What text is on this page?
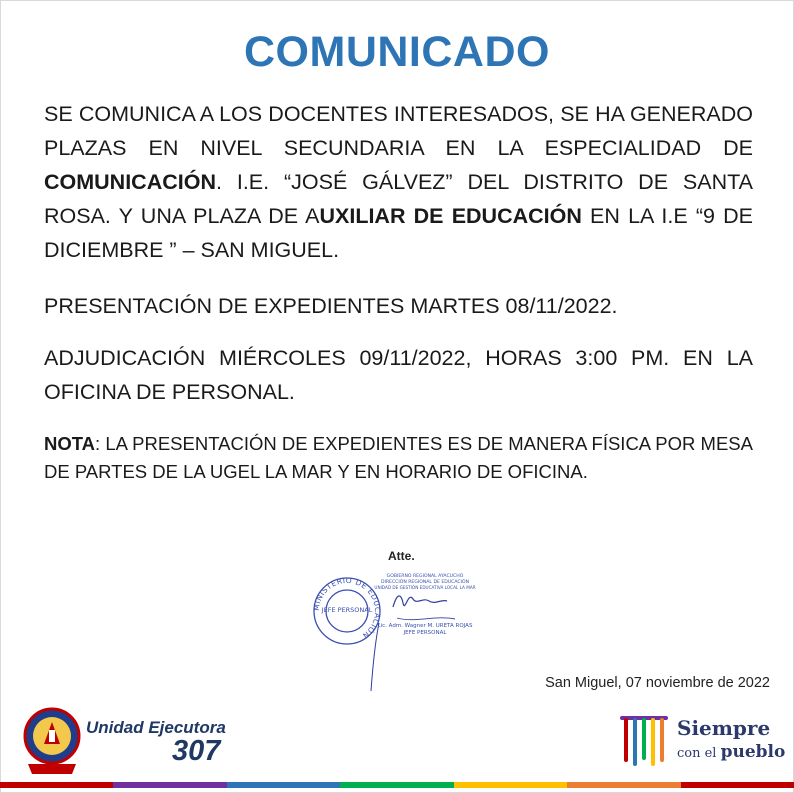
COMUNICADO
SE COMUNICA A LOS DOCENTES INTERESADOS, SE HA GENERADO PLAZAS EN NIVEL SECUNDARIA EN LA ESPECIALIDAD DE COMUNICACIÓN. I.E. “JOSÉ GÁLVEZ” DEL DISTRITO DE SANTA ROSA. Y UNA PLAZA DE AUXILIAR DE EDUCACIÓN EN LA I.E “9 DE DICIEMBRE ” – SAN MIGUEL.
PRESENTACIÓN DE EXPEDIENTES MARTES 08/11/2022.
ADJUDICACIÓN MIÉRCOLES 09/11/2022, HORAS 3:00 PM. EN LA OFICINA DE PERSONAL.
NOTA: LA PRESENTACIÓN DE EXPEDIENTES ES DE MANERA FÍSICA POR MESA DE PARTES DE LA UGEL LA MAR Y EN HORARIO DE OFICINA.
Atte.
MINISTERIO DE EDUCACIÓN
JEFE PERSONAL
GOBIERNO REGIONAL AYACUCHO
DIRECCIÓN REGIONAL DE EDUCACIÓN
UNIDAD DE GESTIÓN EDUCATIVA LOCAL LA MAR
Lic. Adm. Wagner M. URETA ROJAS
JEFE PERSONAL
San Miguel, 07 noviembre de 2022
Unidad Ejecutora
307
Siempre
con el pueblo
